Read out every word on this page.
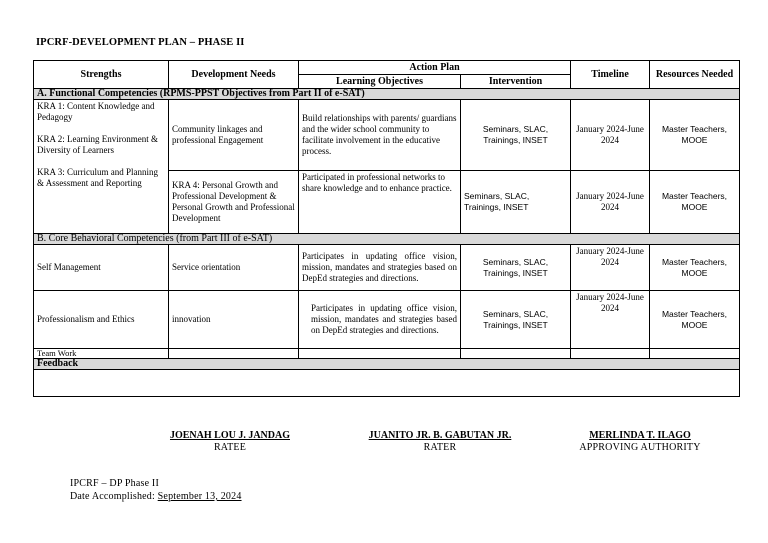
IPCRF-DEVELOPMENT PLAN – PHASE II
Strengths	Development Needs	Action Plan		Timeline	Resources Needed
		Learning Objectives	Intervention		
A. Functional Competencies (RPMS-PPST Objectives from Part II of e-SAT)					

KRA 1: Content Knowledge and Pedagogy
KRA 2: Learning Environment & Diversity of Learners
KRA 3: Curriculum and Planning & Assessment and Reporting	Community linkages and professional Engagement	Build relationships with parents/ guardians and the wider school community to facilitate involvement in the educative process.	Seminars, SLAC, Trainings, INSET	January 2024-June 2024	Master Teachers, MOOE
	KRA 4: Personal Growth and Professional Development & Personal Growth and Professional Development	Participated in professional networks to share knowledge and to enhance practice.	Seminars, SLAC, Trainings, INSET	January 2024-June 2024	Master Teachers, MOOE
B. Core Behavioral Competencies (from Part III of e-SAT)					
Self Management	Service orientation	Participates in updating office vision, mission, mandates and strategies based on DepEd strategies and directions.	Seminars, SLAC, Trainings, INSET	January 2024-June 2024	Master Teachers, MOOE
Professionalism and Ethics	innovation	Participates in updating office vision, mission, mandates and strategies based on DepEd strategies and directions.	Seminars, SLAC, Trainings, INSET	January 2024-June 2024	Master Teachers, MOOE
Team Work					
Feedback					

JOENAH LOU J. JANDAG
RATEE
JUANITO JR. B. GABUTAN JR.
RATER
MERLINDA T. ILAGO
APPROVING AUTHORITY
IPCRF – DP Phase II
Date Accomplished: September 13, 2024
